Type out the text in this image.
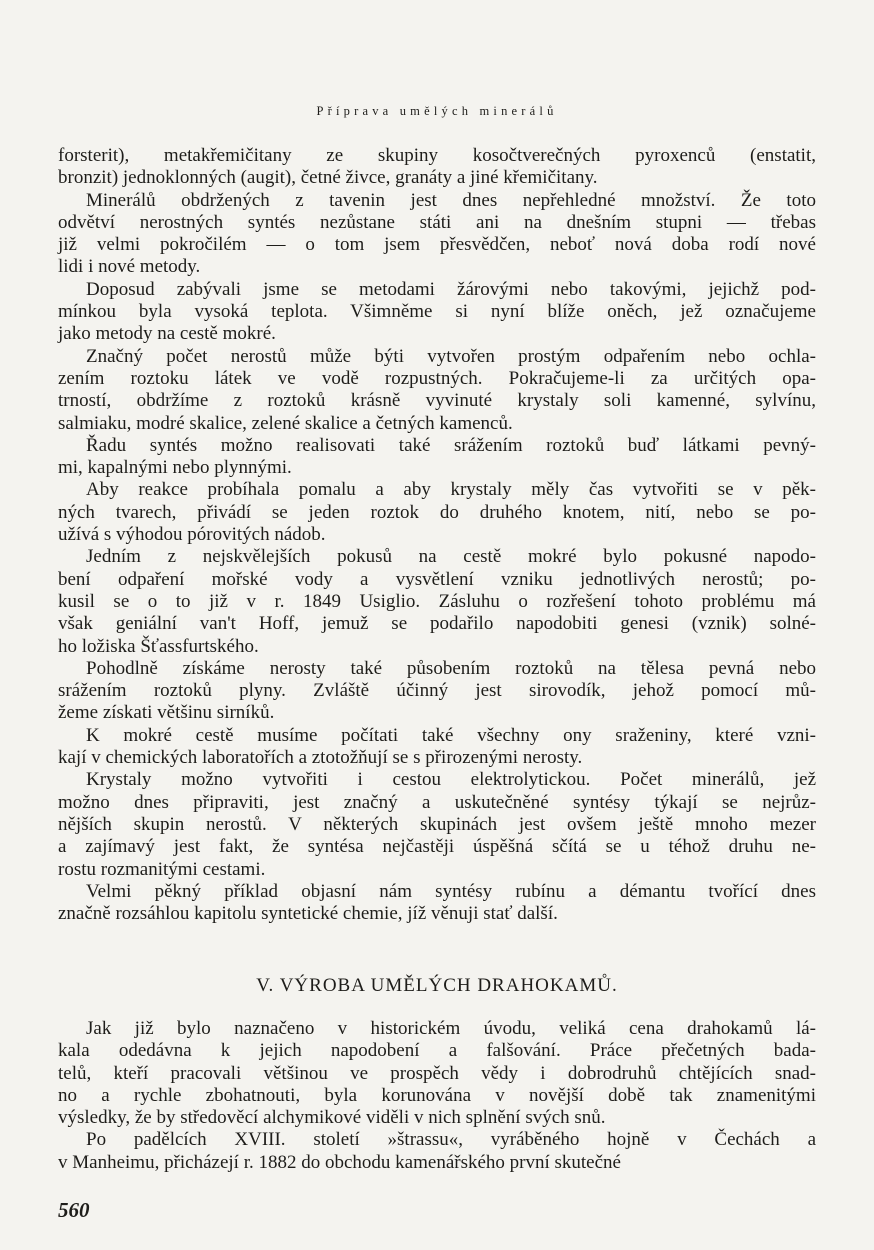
Příprava umělých minerálů
forsterit), metakřemičitany ze skupiny kosočtverečných pyroxenců (enstatit,
bronzit) jednoklonných (augit), četné živce, granáty a jiné křemičitany.
Minerálů obdržených z tavenin jest dnes nepřehledné množství. Že toto
odvětví nerostných syntés nezůstane státi ani na dnešním stupni — třebas
již velmi pokročilém — o tom jsem přesvědčen, neboť nová doba rodí nové
lidi i nové metody.
Doposud zabývali jsme se metodami žárovými nebo takovými, jejichž pod-
mínkou byla vysoká teplota. Všimněme si nyní blíže oněch, jež označujeme
jako metody na cestě mokré.
Značný počet nerostů může býti vytvořen prostým odpařením nebo ochla-
zením roztoku látek ve vodě rozpustných. Pokračujeme-li za určitých opa-
trností, obdržíme z roztoků krásně vyvinuté krystaly soli kamenné, sylvínu,
salmiaku, modré skalice, zelené skalice a četných kamenců.
Řadu syntés možno realisovati také srážením roztoků buď látkami pevný-
mi, kapalnými nebo plynnými.
Aby reakce probíhala pomalu a aby krystaly měly čas vytvořiti se v pěk-
ných tvarech, přivádí se jeden roztok do druhého knotem, nití, nebo se po-
užívá s výhodou pórovitých nádob.
Jedním z nejskvělejších pokusů na cestě mokré bylo pokusné napodo-
bení odpaření mořské vody a vysvětlení vzniku jednotlivých nerostů; po-
kusil se o to již v r. 1849 Usiglio. Zásluhu o rozřešení tohoto problému má
však geniální van't Hoff, jemuž se podařilo napodobiti genesi (vznik) solné-
ho ložiska Šťassfurtského.
Pohodlně získáme nerosty také působením roztoků na tělesa pevná nebo
srážením roztoků plyny. Zvláště účinný jest sirovodík, jehož pomocí mů-
žeme získati většinu sirníků.
K mokré cestě musíme počítati také všechny ony sraženiny, které vzni-
kají v chemických laboratořích a ztotožňují se s přirozenými nerosty.
Krystaly možno vytvořiti i cestou elektrolytickou. Počet minerálů, jež
možno dnes připraviti, jest značný a uskutečněné syntésy týkají se nejrůz-
nějších skupin nerostů. V některých skupinách jest ovšem ještě mnoho mezer
a zajímavý jest fakt, že syntésa nejčastěji úspěšná sčítá se u téhož druhu ne-
rostu rozmanitými cestami.
Velmi pěkný příklad objasní nám syntésy rubínu a démantu tvořící dnes
značně rozsáhlou kapitolu syntetické chemie, jíž věnuji stať další.
V. VÝROBA UMĚLÝCH DRAHOKAMŮ.
Jak již bylo naznačeno v historickém úvodu, veliká cena drahokamů lá-
kala odedávna k jejich napodobení a falšování. Práce přečetných bada-
telů, kteří pracovali většinou ve prospěch vědy i dobrodruhů chtějících snad-
no a rychle zbohatnouti, byla korunována v novější době tak znamenitými
výsledky, že by středověcí alchymikové viděli v nich splnění svých snů.
Po padělcích XVIII. století »štrassu«, vyráběného hojně v Čechách a
v Manheimu, přicházejí r. 1882 do obchodu kamenářského první skutečné
560
